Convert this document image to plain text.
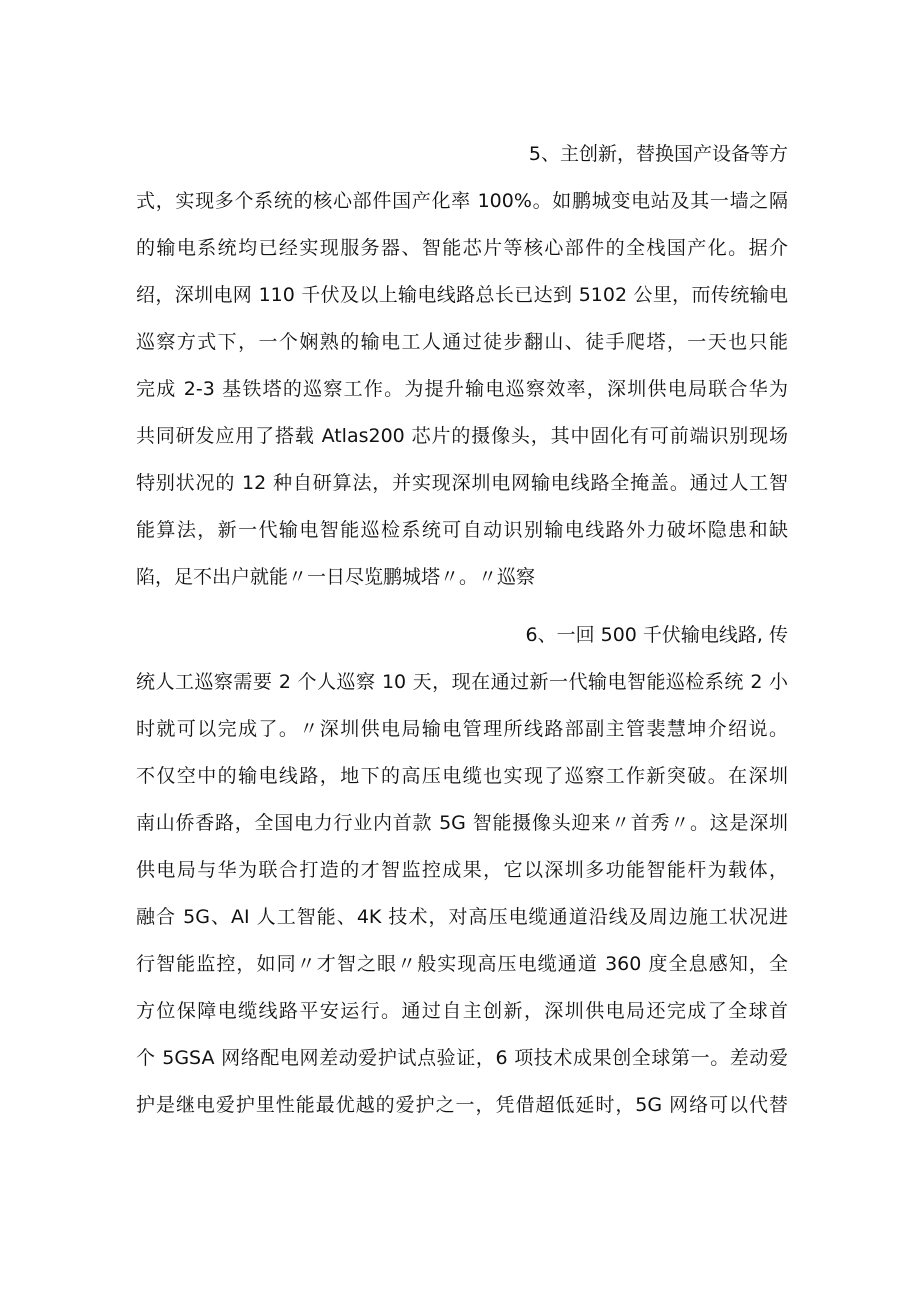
5、主创新，替换国产设备等方
式，实现多个系统的核心部件国产化率 100%。如鹏城变电站及其一墙之隔
的输电系统均已经实现服务器、智能芯片等核心部件的全栈国产化。据介
绍，深圳电网 110 千伏及以上输电线路总长已达到 5102 公里，而传统输电
巡察方式下，一个娴熟的输电工人通过徒步翻山、徒手爬塔，一天也只能
完成 2-3 基铁塔的巡察工作。为提升输电巡察效率，深圳供电局联合华为
共同研发应用了搭载 Atlas200 芯片的摄像头，其中固化有可前端识别现场
特别状况的 12 种自研算法，并实现深圳电网输电线路全掩盖。通过人工智
能算法，新一代输电智能巡检系统可自动识别输电线路外力破坏隐患和缺
陷，足不出户就能〃一日尽览鹏城塔〃。〃巡察
6、一回 500 千伏输电线路, 传
统人工巡察需要 2 个人巡察 10 天，现在通过新一代输电智能巡检系统 2 小
时就可以完成了。〃深圳供电局输电管理所线路部副主管裴慧坤介绍说。
不仅空中的输电线路，地下的高压电缆也实现了巡察工作新突破。在深圳
南山侨香路，全国电力行业内首款 5G 智能摄像头迎来〃首秀〃。这是深圳
供电局与华为联合打造的才智监控成果，它以深圳多功能智能杆为载体，
融合 5G、AI 人工智能、4K 技术，对高压电缆通道沿线及周边施工状况进
行智能监控，如同〃才智之眼〃般实现高压电缆通道 360 度全息感知，全
方位保障电缆线路平安运行。通过自主创新，深圳供电局还完成了全球首
个 5GSA 网络配电网差动爱护试点验证，6 项技术成果创全球第一。差动爱
护是继电爱护里性能最优越的爱护之一，凭借超低延时，5G 网络可以代替
